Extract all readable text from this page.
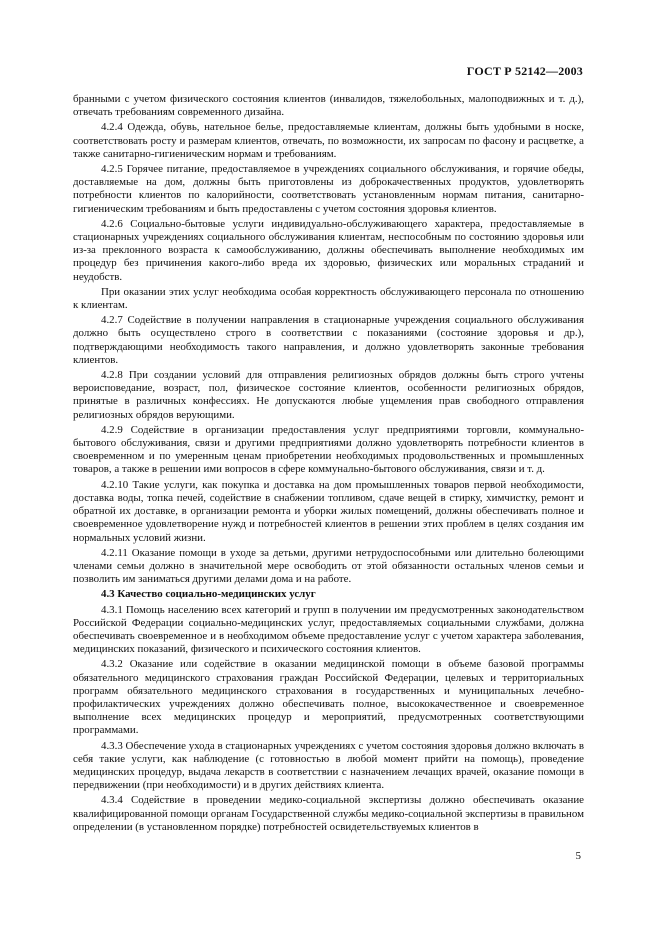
ГОСТ Р 52142—2003

бранными с учетом физического состояния клиентов (инвалидов, тяжелобольных, малоподвижных и т. д.), отвечать требованиям современного дизайна.

4.2.4 Одежда, обувь, нательное белье, предоставляемые клиентам, должны быть удобными в носке, соответствовать росту и размерам клиентов, отвечать, по возможности, их запросам по фасону и расцветке, а также санитарно-гигиеническим нормам и требованиям.

4.2.5 Горячее питание, предоставляемое в учреждениях социального обслуживания, и горячие обеды, доставляемые на дом, должны быть приготовлены из доброкачественных продуктов, удовлетворять потребности клиентов по калорийности, соответствовать установленным нормам питания, санитарно-гигиеническим требованиям и быть предоставлены с учетом состояния здоровья клиентов.

4.2.6 Социально-бытовые услуги индивидуально-обслуживающего характера, предоставляемые в стационарных учреждениях социального обслуживания клиентам, неспособным по состоянию здоровья или из-за преклонного возраста к самообслуживанию, должны обеспечивать выполнение необходимых им процедур без причинения какого-либо вреда их здоровью, физических или моральных страданий и неудобств.

При оказании этих услуг необходима особая корректность обслуживающего персонала по отношению к клиентам.

4.2.7 Содействие в получении направления в стационарные учреждения социального обслуживания должно быть осуществлено строго в соответствии с показаниями (состояние здоровья и др.), подтверждающими необходимость такого направления, и должно удовлетворять законные требования клиентов.

4.2.8 При создании условий для отправления религиозных обрядов должны быть строго учтены вероисповедание, возраст, пол, физическое состояние клиентов, особенности религиозных обрядов, принятые в различных конфессиях. Не допускаются любые ущемления прав свободного отправления религиозных обрядов верующими.

4.2.9 Содействие в организации предоставления услуг предприятиями торговли, коммунально-бытового обслуживания, связи и другими предприятиями должно удовлетворять потребности клиентов в своевременном и по умеренным ценам приобретении необходимых продовольственных и промышленных товаров, а также в решении ими вопросов в сфере коммунально-бытового обслуживания, связи и т. д.

4.2.10 Такие услуги, как покупка и доставка на дом промышленных товаров первой необходимости, доставка воды, топка печей, содействие в снабжении топливом, сдаче вещей в стирку, химчистку, ремонт и обратной их доставке, в организации ремонта и уборки жилых помещений, должны обеспечивать полное и своевременное удовлетворение нужд и потребностей клиентов в решении этих проблем в целях создания им нормальных условий жизни.

4.2.11 Оказание помощи в уходе за детьми, другими нетрудоспособными или длительно болеющими членами семьи должно в значительной мере освободить от этой обязанности остальных членов семьи и позволить им заниматься другими делами дома и на работе.

4.3 Качество социально-медицинских услуг

4.3.1 Помощь населению всех категорий и групп в получении им предусмотренных законодательством Российской Федерации социально-медицинских услуг, предоставляемых социальными службами, должна обеспечивать своевременное и в необходимом объеме предоставление услуг с учетом характера заболевания, медицинских показаний, физического и психического состояния клиентов.

4.3.2 Оказание или содействие в оказании медицинской помощи в объеме базовой программы обязательного медицинского страхования граждан Российской Федерации, целевых и территориальных программ обязательного медицинского страхования в государственных и муниципальных лечебно-профилактических учреждениях должно обеспечивать полное, высококачественное и своевременное выполнение всех медицинских процедур и мероприятий, предусмотренных соответствующими программами.

4.3.3 Обеспечение ухода в стационарных учреждениях с учетом состояния здоровья должно включать в себя такие услуги, как наблюдение (с готовностью в любой момент прийти на помощь), проведение медицинских процедур, выдача лекарств в соответствии с назначением лечащих врачей, оказание помощи в передвижении (при необходимости) и в других действиях клиента.

4.3.4 Содействие в проведении медико-социальной экспертизы должно обеспечивать оказание квалифицированной помощи органам Государственной службы медико-социальной экспертизы в правильном определении (в установленном порядке) потребностей освидетельствуемых клиентов в

5
